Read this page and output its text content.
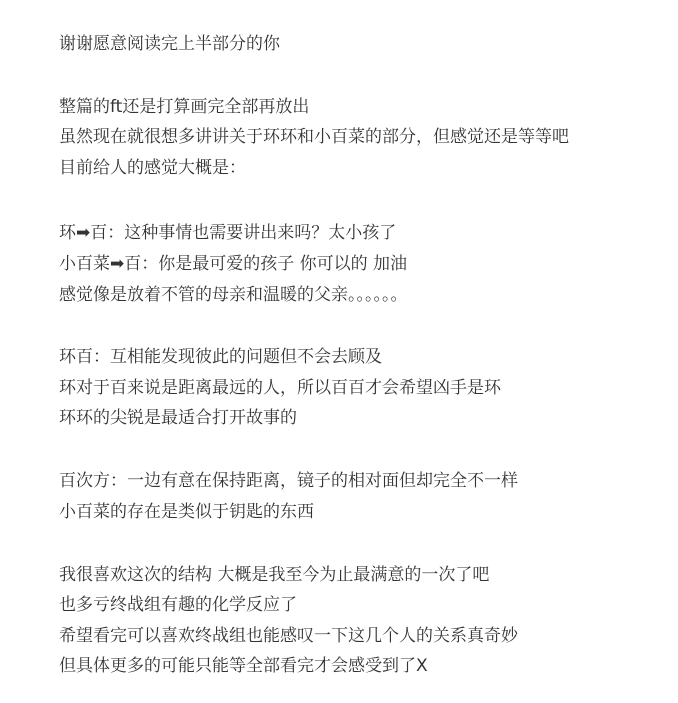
谢谢愿意阅读完上半部分的你
整篇的ft还是打算画完全部再放出
虽然现在就很想多讲讲关于环环和小百菜的部分，但感觉还是等等吧
目前给人的感觉大概是：
环➡百：这种事情也需要讲出来吗？太小孩了
小百菜➡百：你是最可爱的孩子 你可以的 加油
感觉像是放着不管的母亲和温暖的父亲。。。。。。
环百：互相能发现彼此的问题但不会去顾及
环对于百来说是距离最远的人，所以百百才会希望凶手是环
环环的尖锐是最适合打开故事的
百次方：一边有意在保持距离，镜子的相对面但却完全不一样
小百菜的存在是类似于钥匙的东西
我很喜欢这次的结构 大概是我至今为止最满意的一次了吧
也多亏终战组有趣的化学反应了
希望看完可以喜欢终战组也能感叹一下这几个人的关系真奇妙
但具体更多的可能只能等全部看完才会感受到了X
